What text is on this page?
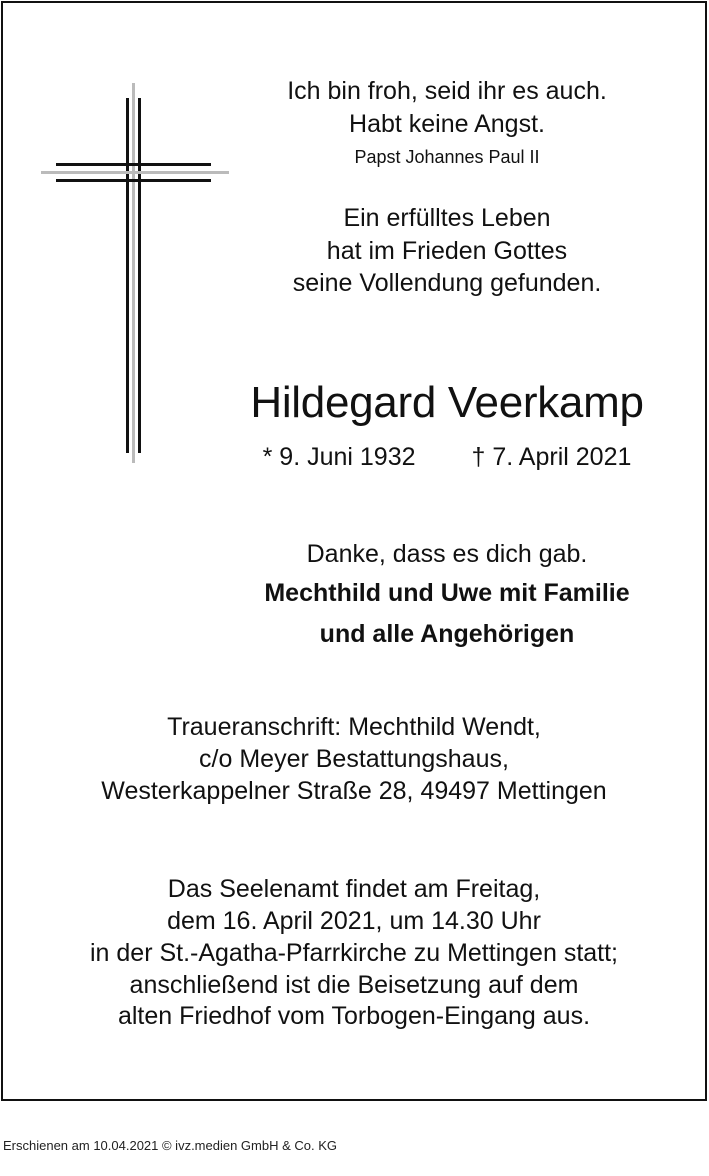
Ich bin froh, seid ihr es auch.
Habt keine Angst.
Papst Johannes Paul II
Ein erfülltes Leben
hat im Frieden Gottes
seine Vollendung gefunden.
Hildegard Veerkamp
* 9. Juni 1932 † 7. April 2021
Danke, dass es dich gab.
Mechthild und Uwe mit Familie
und alle Angehörigen
Traueranschrift: Mechthild Wendt,
c/o Meyer Bestattungshaus,
Westerkappelner Straße 28, 49497 Mettingen
Das Seelenamt findet am Freitag,
dem 16. April 2021, um 14.30 Uhr
in der St.-Agatha-Pfarrkirche zu Mettingen statt;
anschließend ist die Beisetzung auf dem
alten Friedhof vom Torbogen-Eingang aus.
Erschienen am 10.04.2021 © ivz.medien GmbH & Co. KG
